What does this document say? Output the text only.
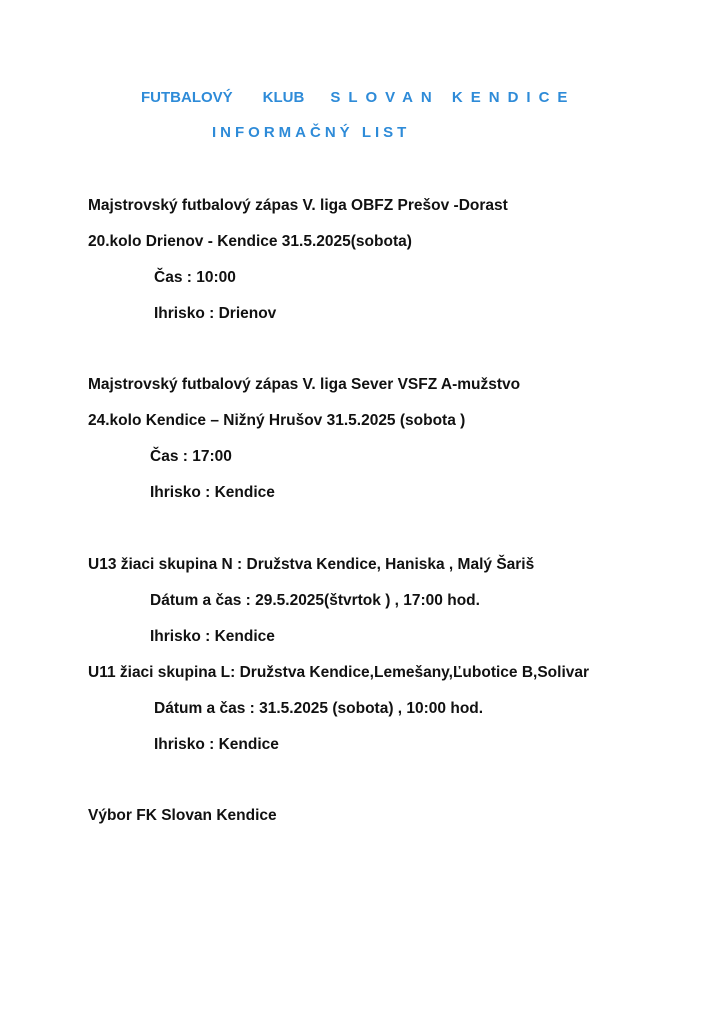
FUTBALOVÝ KLUB SLOVAN KENDICE
INFORMAČNÝ LIST
Majstrovský futbalový zápas V. liga OBFZ Prešov -Dorast
20.kolo Drienov - Kendice 31.5.2025(sobota)
Čas : 10:00
Ihrisko : Drienov
Majstrovský futbalový zápas V. liga Sever VSFZ A-mužstvo
24.kolo Kendice – Nižný Hrušov 31.5.2025 (sobota )
Čas : 17:00
Ihrisko : Kendice
U13 žiaci skupina N : Družstva Kendice, Haniska , Malý Šariš
Dátum a čas : 29.5.2025(štvrtok ) , 17:00 hod.
Ihrisko : Kendice
U11 žiaci skupina L: Družstva Kendice,Lemešany,Ľubotice B,Solivar
Dátum a čas : 31.5.2025 (sobota) , 10:00 hod.
Ihrisko : Kendice
Výbor FK Slovan Kendice
